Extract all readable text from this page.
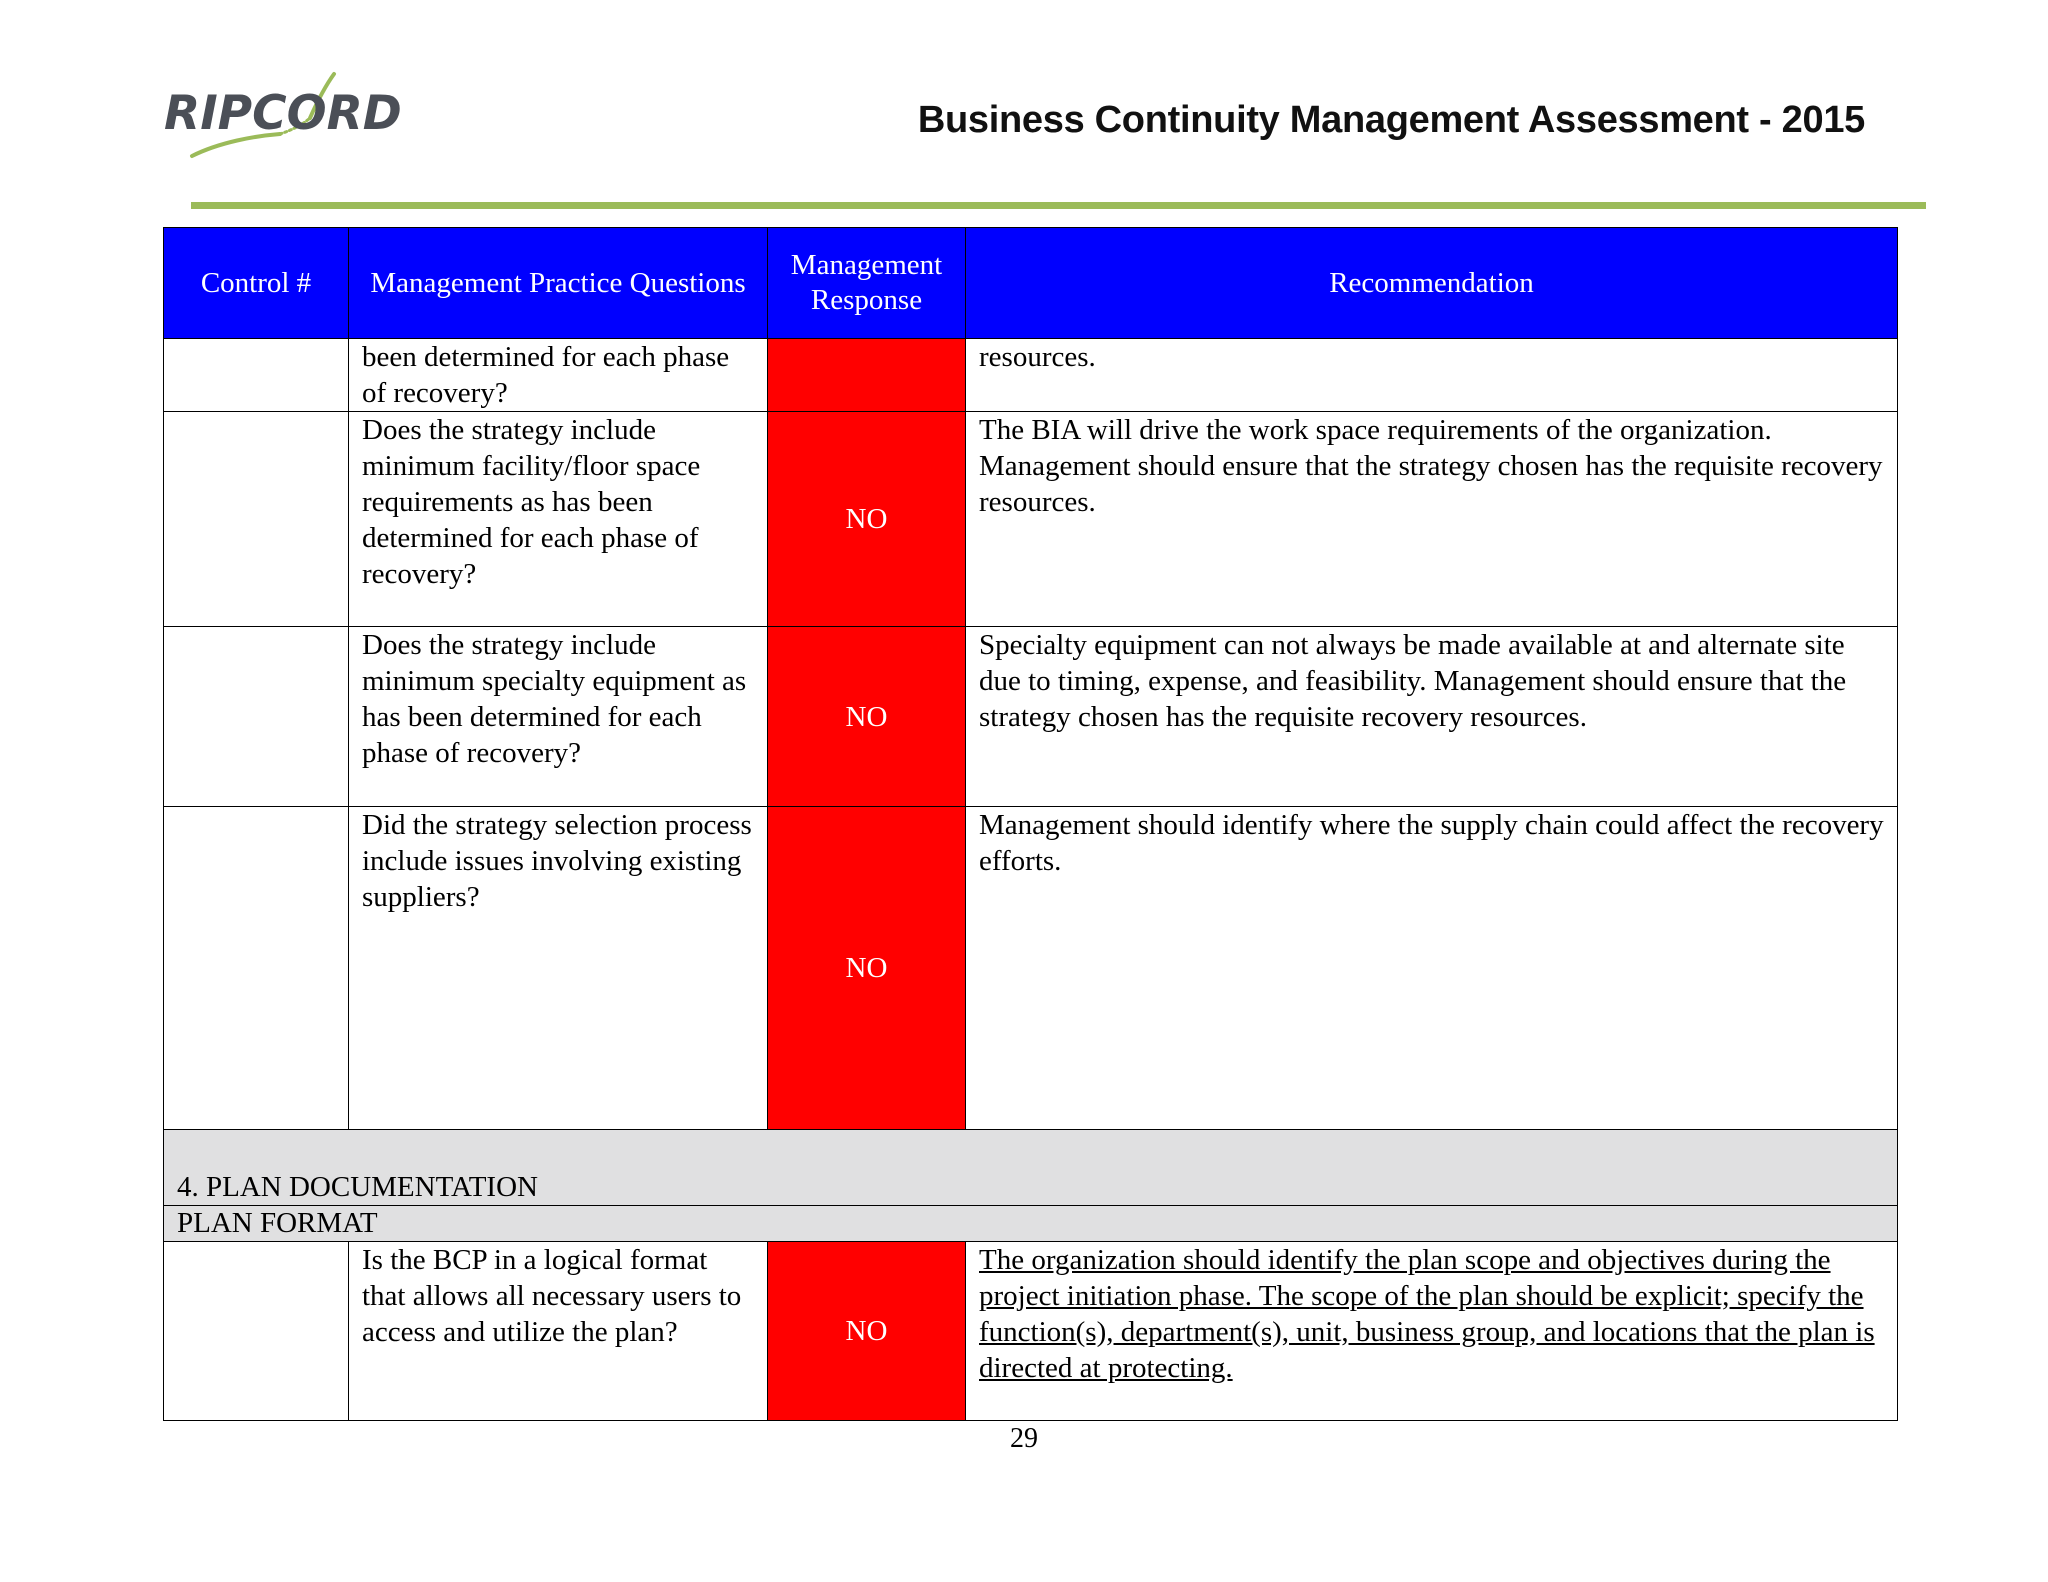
RIPCORD	Business Continuity Management Assessment - 2015
Control #	Management Practice Questions	Management Response	Recommendation
	been determined for each phase of recovery?		resources.
	Does the strategy include minimum facility/floor space requirements as has been determined for each phase of recovery?	NO	The BIA will drive the work space requirements of the organization. Management should ensure that the strategy chosen has the requisite recovery resources.
	Does the strategy include minimum specialty equipment as has been determined for each phase of recovery?	NO	Specialty equipment can not always be made available at and alternate site due to timing, expense, and feasibility. Management should ensure that the strategy chosen has the requisite recovery resources.
	Did the strategy selection process include issues involving existing suppliers?	NO	Management should identify where the supply chain could affect the recovery efforts.
4. PLAN DOCUMENTATION			
PLAN FORMAT			
	Is the BCP in a logical format that allows all necessary users to access and utilize the plan?	NO	The organization should identify the plan scope and objectives during the project initiation phase. The scope of the plan should be explicit; specify the function(s), department(s), unit, business group, and locations that the plan is directed at protecting.
29
